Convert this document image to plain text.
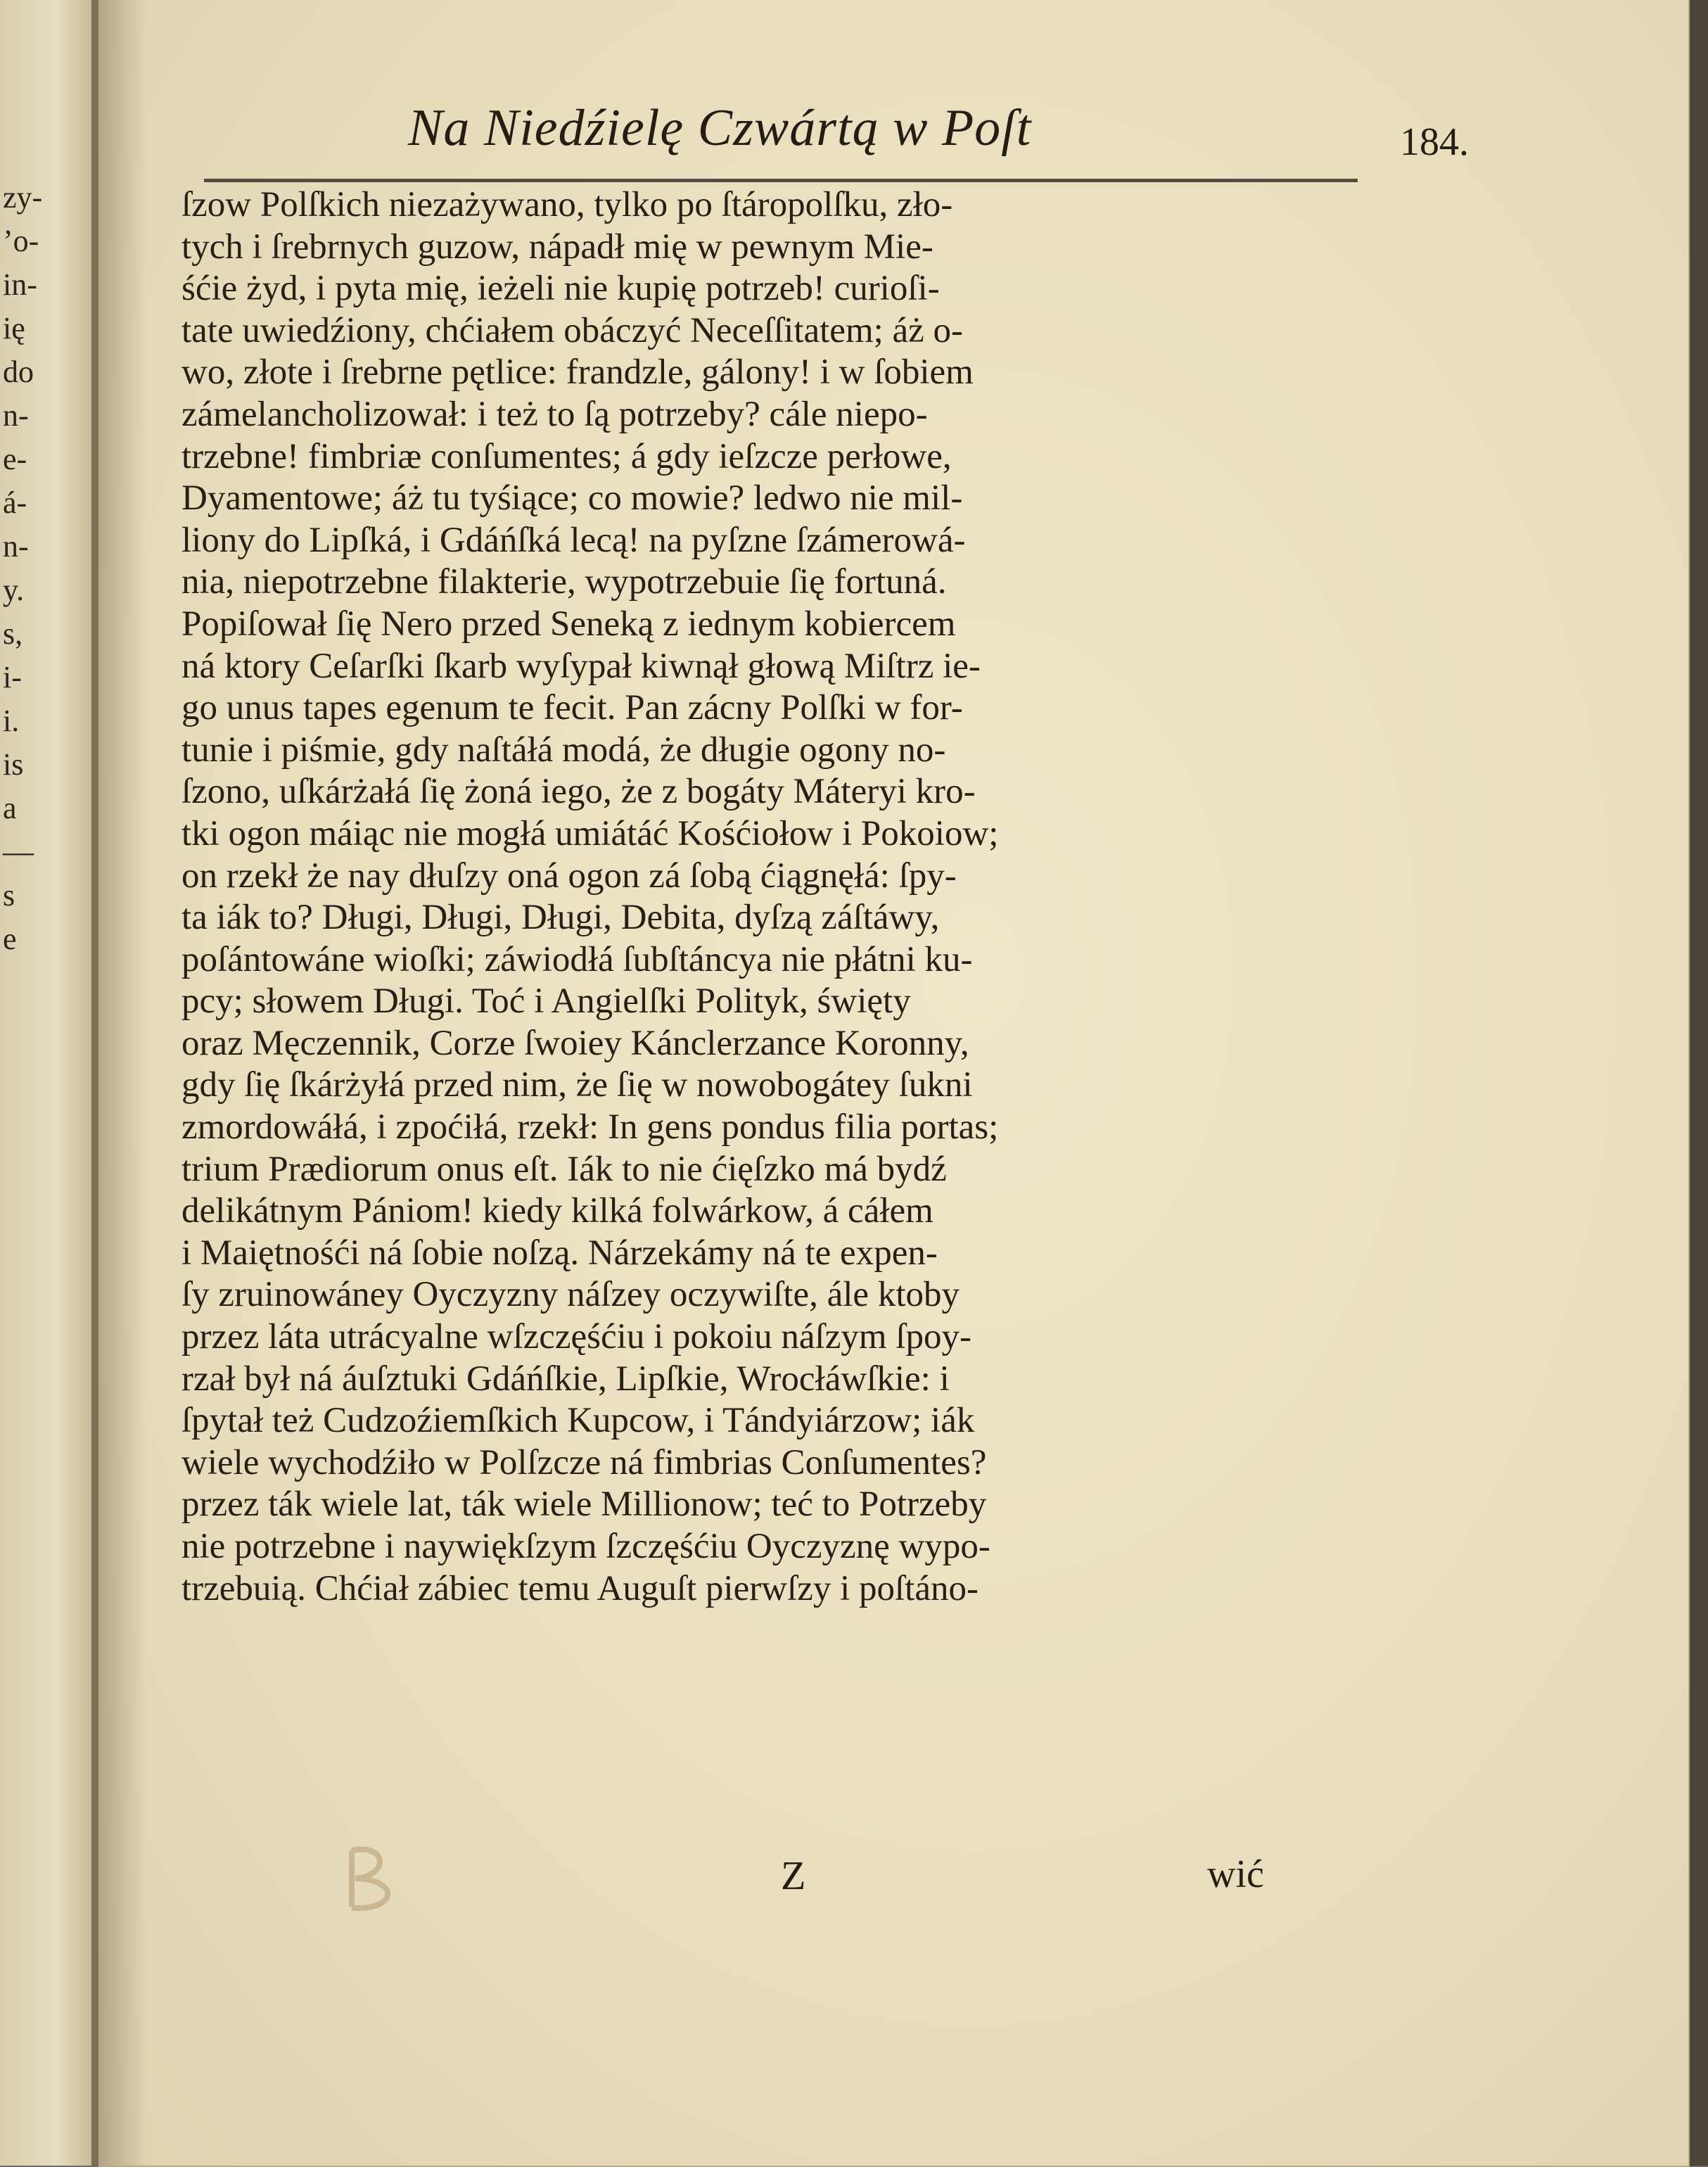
zy-
ʼo-
in-
ię
do
n-
e-
á-
n-
y.
s,
i-
i.
is
a
—
s
e
Na Niedźielę Czwártą w Poſt	184.
ſzow Polſkich niezażywano, tylko po ſtáropolſku, zło-
tych i ſrebrnych guzow, nápadł mię w pewnym Mie-
śćie żyd, i pyta mię, ieżeli nie kupię potrzeb! curioſi-
tate uwiedźiony, chćiałem obáczyć Neceſſitatem; áż o-
wo, złote i ſrebrne pętlice: frandzle, gálony! i w ſobiem
zámelancholizował: i też to ſą potrzeby? cále niepo-
trzebne! fimbriæ conſumentes; á gdy ieſzcze perłowe,
Dyamentowe; áż tu tyśiące; co mowie? ledwo nie mil-
liony do Lipſká, i Gdáńſká lecą! na pyſzne ſzámerowá-
nia, niepotrzebne filakterie, wypotrzebuie ſię fortuná.
Popiſował ſię Nero przed Seneką z iednym kobiercem
ná ktory Ceſarſki ſkarb wyſypał kiwnął głową Miſtrz ie-
go unus tapes egenum te fecit. Pan zácny Polſki w for-
tunie i piśmie, gdy naſtáłá modá, że długie ogony no-
ſzono, uſkárżałá ſię żoná iego, że z bogáty Máteryi kro-
tki ogon máiąc nie mogłá umiátáć Kośćiołow i Pokoiow;
on rzekł że nay dłuſzy oná ogon zá ſobą ćiągnęłá: ſpy-
ta iák to? Długi, Długi, Długi, Debita, dyſzą záſtáwy,
poſántowáne wioſki; záwiodłá ſubſtáncya nie płátni ku-
pcy; słowem Długi. Toć i Angielſki Polityk, święty
oraz Męczennik, Corze ſwoiey Kánclerzance Koronny,
gdy ſię ſkárżyłá przed nim, że ſię w nowobogátey ſukni
zmordowáłá, i zpoćiłá, rzekł: In gens pondus filia portas;
trium Prædiorum onus eſt. Iák to nie ćięſzko má bydź
delikátnym Pániom! kiedy kilká folwárkow, á cáłem
i Maiętnośći ná ſobie noſzą. Nárzekámy ná te expen-
ſy zruinowáney Oyczyzny náſzey oczywiſte, ále ktoby
przez láta utrácyalne wſzczęśćiu i pokoiu náſzym ſpoy-
rzał był ná áuſztuki Gdáńſkie, Lipſkie, Wrocłáwſkie: i
ſpytał też Cudzoźiemſkich Kupcow, i Tándyiárzow; iák
wiele wychodźiło w Polſzcze ná fimbrias Conſumentes?
przez ták wiele lat, ták wiele Millionow; teć to Potrzeby
nie potrzebne i naywiękſzym ſzczęśćiu Oyczyznę wypo-
trzebuią. Chćiał zábiec temu Auguſt pierwſzy i poſtáno-
Z	wić
